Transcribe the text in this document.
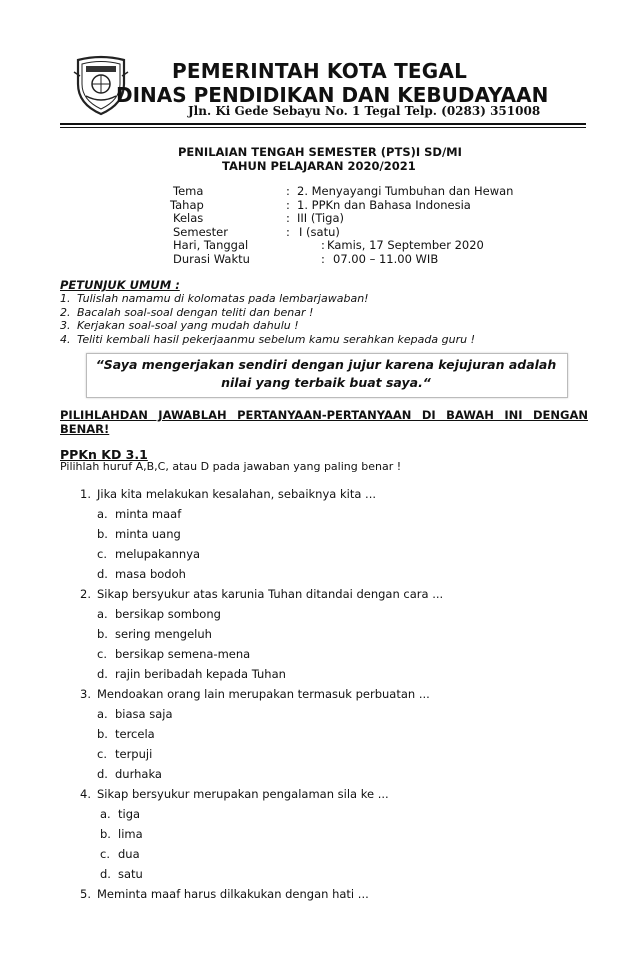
PEMERINTAH KOTA TEGAL
DINAS PENDIDIKAN DAN KEBUDAYAAN
Jln. Ki Gede Sebayu No. 1 Tegal Telp. (0283) 351008
PENILAIAN TENGAH SEMESTER (PTS)I SD/MI
TAHUN PELAJARAN 2020/2021
Tema	: 2. Menyayangi Tumbuhan dan Hewan
Tahap	: 1. PPKn dan Bahasa Indonesia
Kelas	: III (Tiga)
Semester	: I (satu)
Hari, Tanggal	: Kamis, 17 September 2020
Durasi Waktu	: 07.00 – 11.00 WIB
PETUNJUK UMUM :
1. Tulislah namamu di kolomatas pada lembarjawaban!
2. Bacalah soal-soal dengan teliti dan benar !
3. Kerjakan soal-soal yang mudah dahulu !
4. Teliti kembali hasil pekerjaanmu sebelum kamu serahkan kepada guru !
“Saya mengerjakan sendiri dengan jujur karena kejujuran adalah
nilai yang terbaik buat saya.“
PILIHLAHDAN JAWABLAH PERTANYAAN-PERTANYAAN DI BAWAH INI DENGAN BENAR!
PPKn KD 3.1
Pilihlah huruf A,B,C, atau D pada jawaban yang paling benar !
1. Jika kita melakukan kesalahan, sebaiknya kita ...
a. minta maaf
b. minta uang
c. melupakannya
d. masa bodoh
2. Sikap bersyukur atas karunia Tuhan ditandai dengan cara ...
a. bersikap sombong
b. sering mengeluh
c. bersikap semena-mena
d. rajin beribadah kepada Tuhan
3. Mendoakan orang lain merupakan termasuk perbuatan ...
a. biasa saja
b. tercela
c. terpuji
d. durhaka
4. Sikap bersyukur merupakan pengalaman sila ke ...
a. tiga
b. lima
c. dua
d. satu
5. Meminta maaf harus dilkakukan dengan hati ...
